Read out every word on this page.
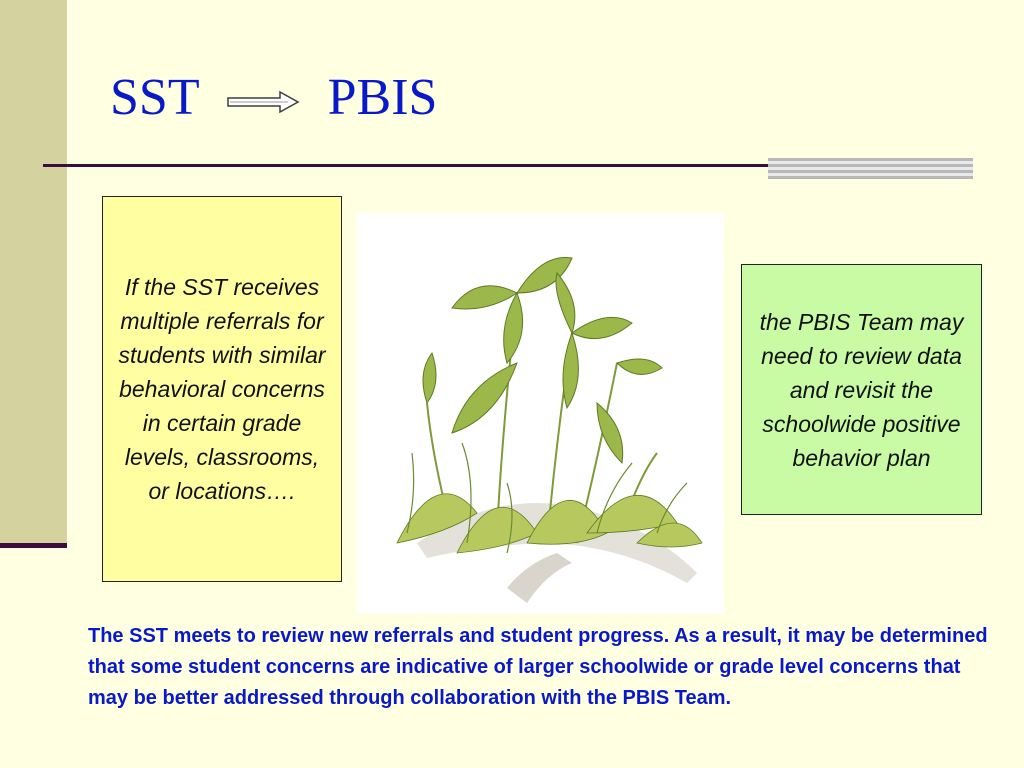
SST PBIS
If the SST receives multiple referrals for students with similar behavioral concerns in certain grade levels, classrooms, or locations….
the PBIS Team may need to review data and revisit the schoolwide positive behavior plan
The SST meets to review new referrals and student progress. As a result, it may be determined that some student concerns are indicative of larger schoolwide or grade level concerns that may be better addressed through collaboration with the PBIS Team.
